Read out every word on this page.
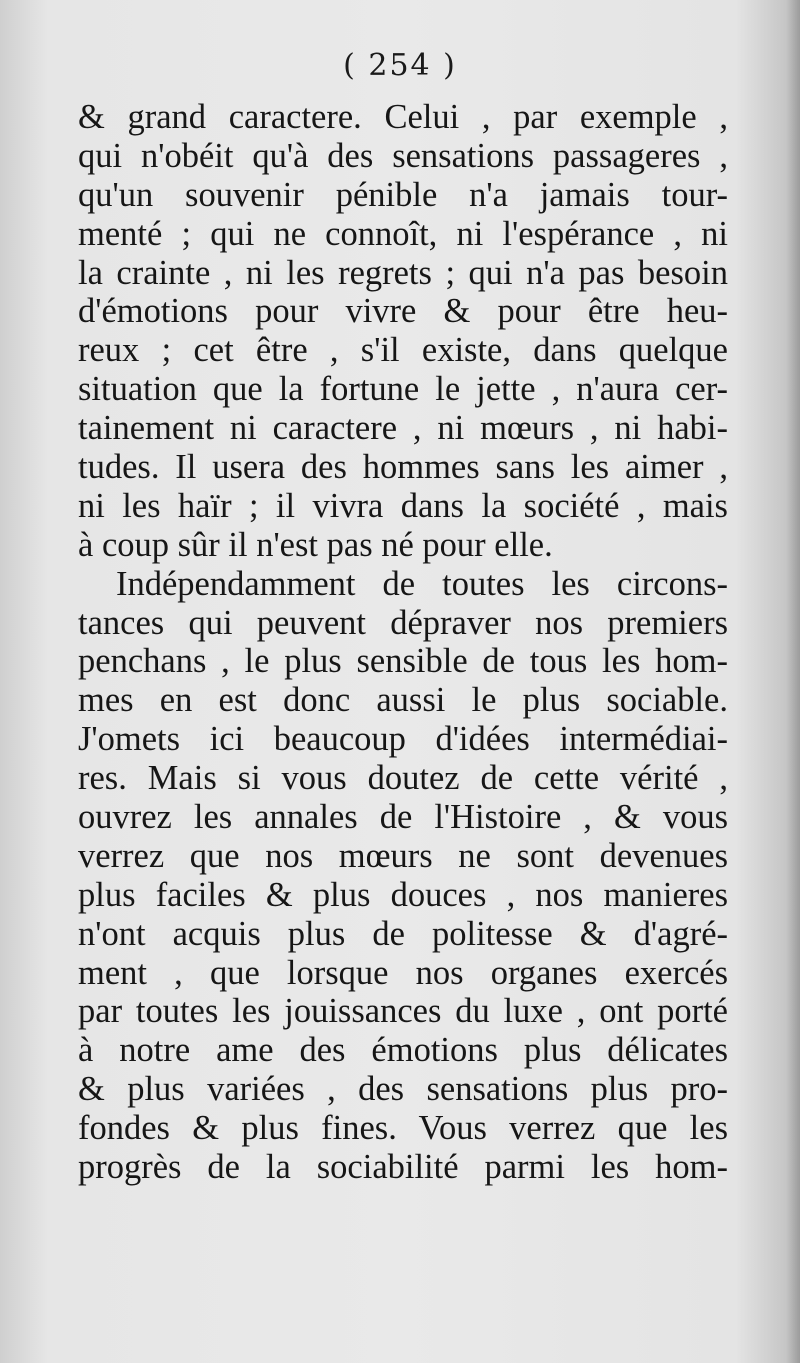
( 254 )
& grand caractere. Celui , par exemple ,
qui n'obéit qu'à des sensations passageres ,
qu'un souvenir pénible n'a jamais tour-
menté ; qui ne connoît, ni l'espérance , ni
la crainte , ni les regrets ; qui n'a pas besoin
d'émotions pour vivre & pour être heu-
reux ; cet être , s'il existe, dans quelque
situation que la fortune le jette , n'aura cer-
tainement ni caractere , ni mœurs , ni habi-
tudes. Il usera des hommes sans les aimer ,
ni les haïr ; il vivra dans la société , mais
à coup sûr il n'est pas né pour elle.
Indépendamment de toutes les circons-
tances qui peuvent dépraver nos premiers
penchans , le plus sensible de tous les hom-
mes en est donc aussi le plus sociable.
J'omets ici beaucoup d'idées intermédiai-
res. Mais si vous doutez de cette vérité ,
ouvrez les annales de l'Histoire , & vous
verrez que nos mœurs ne sont devenues
plus faciles & plus douces , nos manieres
n'ont acquis plus de politesse & d'agré-
ment , que lorsque nos organes exercés
par toutes les jouissances du luxe , ont porté
à notre ame des émotions plus délicates
& plus variées , des sensations plus pro-
fondes & plus fines. Vous verrez que les
progrès de la sociabilité parmi les hom-
